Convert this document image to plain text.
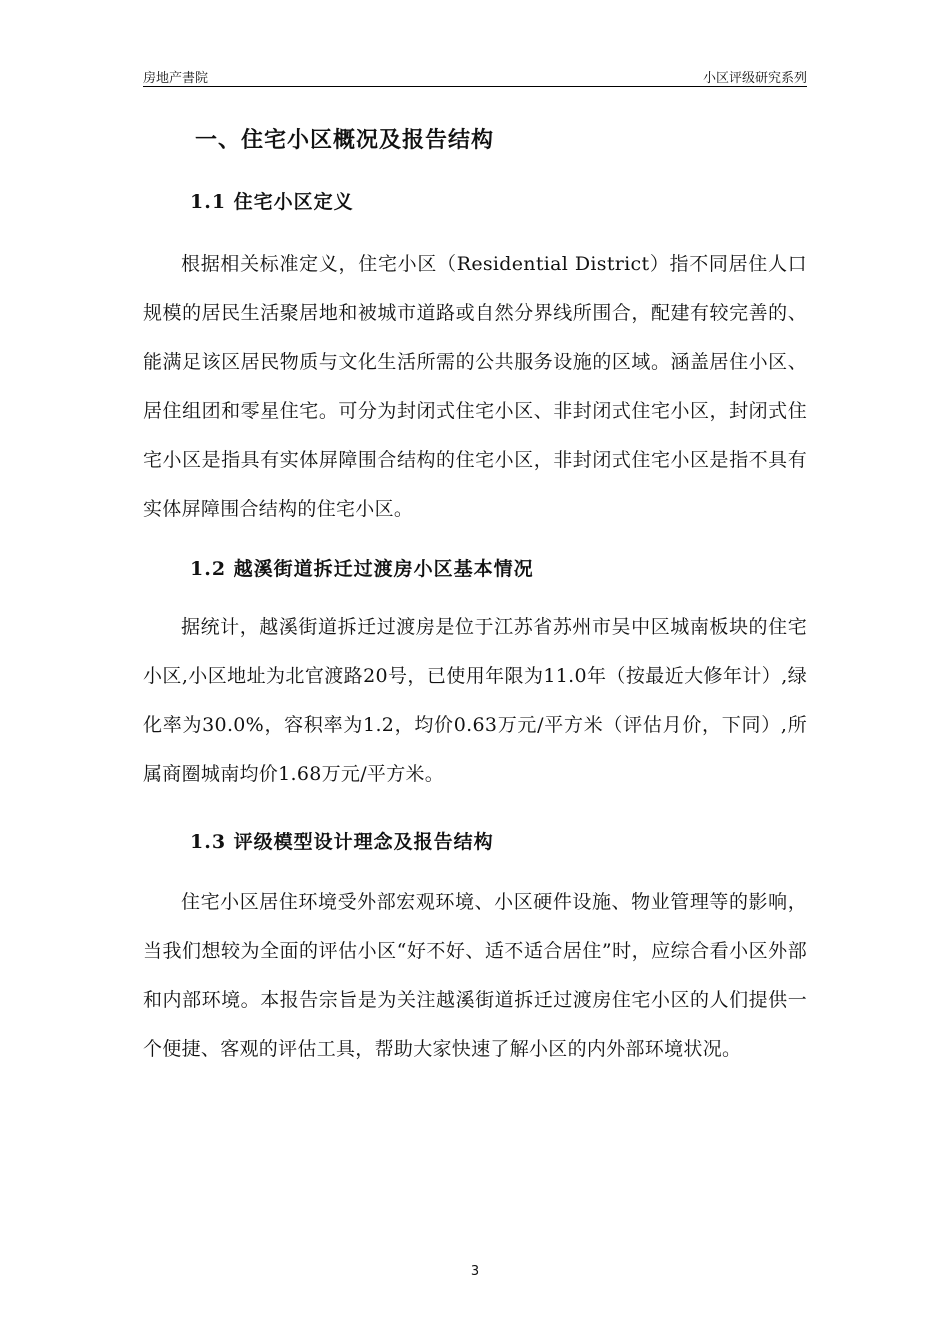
房地产書院	小区评级研究系列
一、住宅小区概况及报告结构
1.1 住宅小区定义

根据相关标准定义，住宅小区（Residential District）指不同居住人口规模的居民生活聚居地和被城市道路或自然分界线所围合，配建有较完善的、能满足该区居民物质与文化生活所需的公共服务设施的区域。涵盖居住小区、居住组团和零星住宅。可分为封闭式住宅小区、非封闭式住宅小区，封闭式住宅小区是指具有实体屏障围合结构的住宅小区，非封闭式住宅小区是指不具有实体屏障围合结构的住宅小区。

1.2 越溪街道拆迁过渡房小区基本情况

据统计，越溪街道拆迁过渡房是位于江苏省苏州市吴中区城南板块的住宅小区,小区地址为北官渡路20号，已使用年限为11.0年（按最近大修年计）,绿化率为30.0%，容积率为1.2，均价0.63万元/平方米（评估月价，下同）,所属商圈城南均价1.68万元/平方米。

1.3 评级模型设计理念及报告结构

住宅小区居住环境受外部宏观环境、小区硬件设施、物业管理等的影响，当我们想较为全面的评估小区“好不好、适不适合居住”时，应综合看小区外部和内部环境。本报告宗旨是为关注越溪街道拆迁过渡房住宅小区的人们提供一个便捷、客观的评估工具，帮助大家快速了解小区的内外部环境状况。

3
